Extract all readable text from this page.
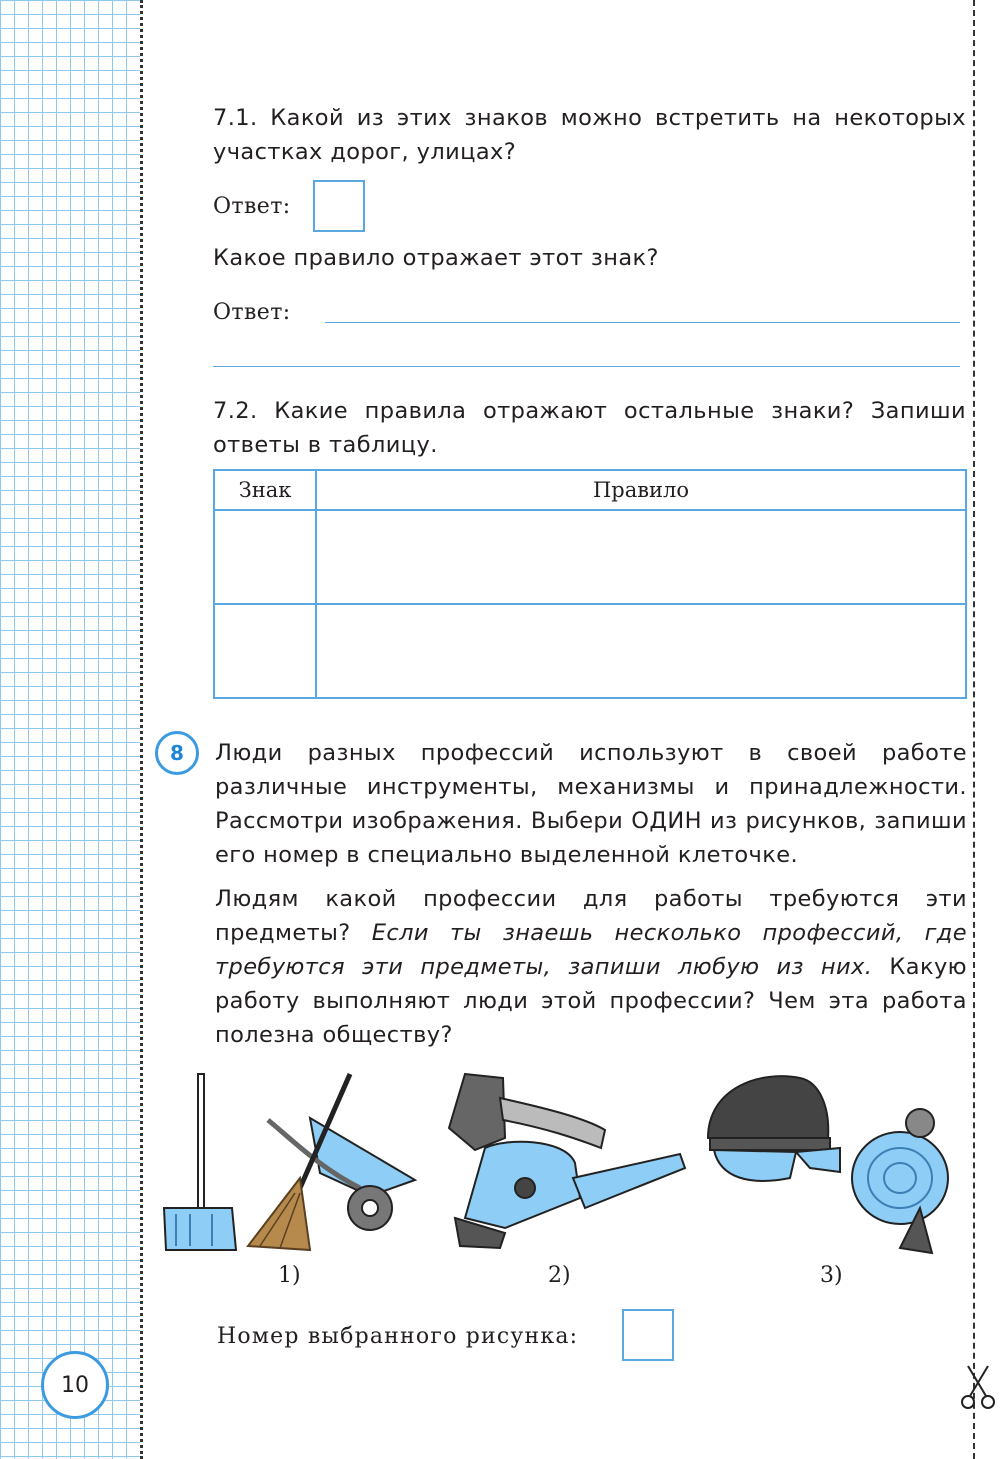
7.1. Какой из этих знаков можно встретить на некоторых участках дорог, улицах?

Ответ:

Какое правило отражает этот знак?

Ответ:

7.2. Какие правила отражают остальные знаки? Запиши ответы в таблицу.

Знак	Правило

8	Люди разных профессий используют в своей работе различные инструменты, механизмы и принадлежности. Рассмотри изображения. Выбери ОДИН из рисунков, запиши его номер в специально выделенной клеточке.

Людям какой профессии для работы требуются эти предметы? Если ты знаешь несколько профессий, где требуются эти предметы, запиши любую из них. Какую работу выполняют люди этой профессии? Чем эта работа полезна обществу?

1)	2)	3)
Номер выбранного рисунка:
10
